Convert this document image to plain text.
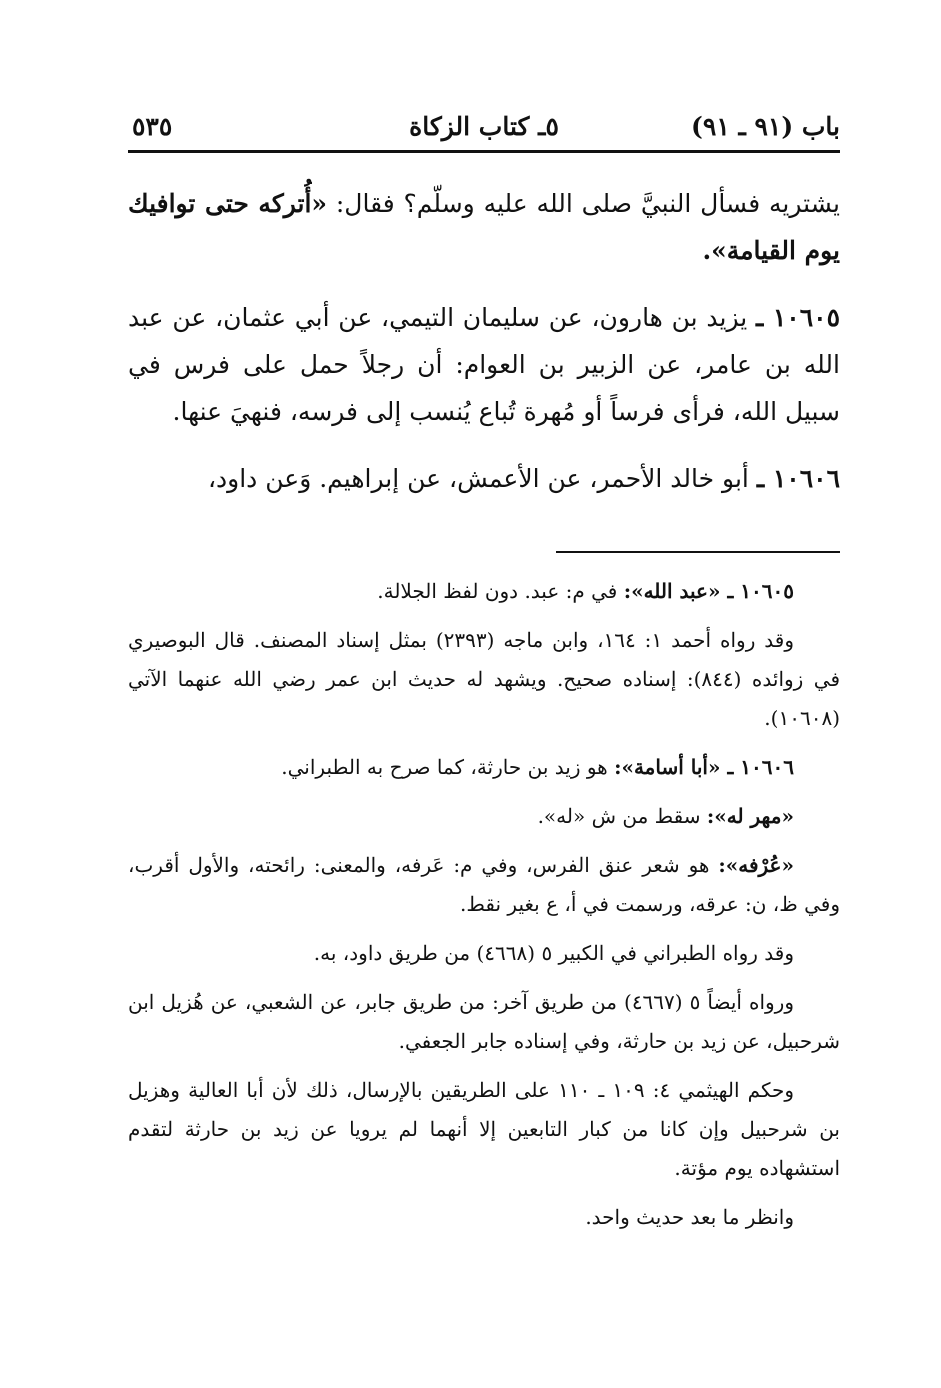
باب (٩١ ـ ٩١)
٥ـ كتاب الزكاة
٥٣٥

يشتريه فسأل النبيَّ صلى الله عليه وسلّم؟ فقال: «أُتركه حتى توافيك يوم القيامة».

١٠٦٠٥ ـ يزيد بن هارون، عن سليمان التيمي، عن أبي عثمان، عن عبد الله بن عامر، عن الزبير بن العوام: أن رجلاً حمل على فرس في سبيل الله، فرأى فرساً أو مُهرة تُباع يُنسب إلى فرسه، فنهيَ عنها.

١٠٦٠٦ ـ أبو خالد الأحمر، عن الأعمش، عن إبراهيم. وَعن داود،

١٠٦٠٥ ـ «عبد الله»: في م: عبد. دون لفظ الجلالة.

وقد رواه أحمد ١: ١٦٤، وابن ماجه (٢٣٩٣) بمثل إسناد المصنف. قال البوصيري في زوائده (٨٤٤): إسناده صحيح. ويشهد له حديث ابن عمر رضي الله عنهما الآتي (١٠٦٠٨).

١٠٦٠٦ ـ «أبا أسامة»: هو زيد بن حارثة، كما صرح به الطبراني.

«مهر له»: سقط من ش «له».

«عُرْفه»: هو شعر عنق الفرس، وفي م: عَرفه، والمعنى: رائحته، والأول أقرب، وفي ظ، ن: عرقه، ورسمت في أ، ع بغير نقط.

وقد رواه الطبراني في الكبير ٥ (٤٦٦٨) من طريق داود، به.

ورواه أيضاً ٥ (٤٦٦٧) من طريق آخر: من طريق جابر، عن الشعبي، عن هُزيل ابن شرحبيل، عن زيد بن حارثة، وفي إسناده جابر الجعفي.

وحكم الهيثمي ٤: ١٠٩ ـ ١١٠ على الطريقين بالإرسال، ذلك لأن أبا العالية وهزيل بن شرحبيل وإن كانا من كبار التابعين إلا أنهما لم يرويا عن زيد بن حارثة لتقدم استشهاده يوم مؤتة.

وانظر ما بعد حديث واحد.
